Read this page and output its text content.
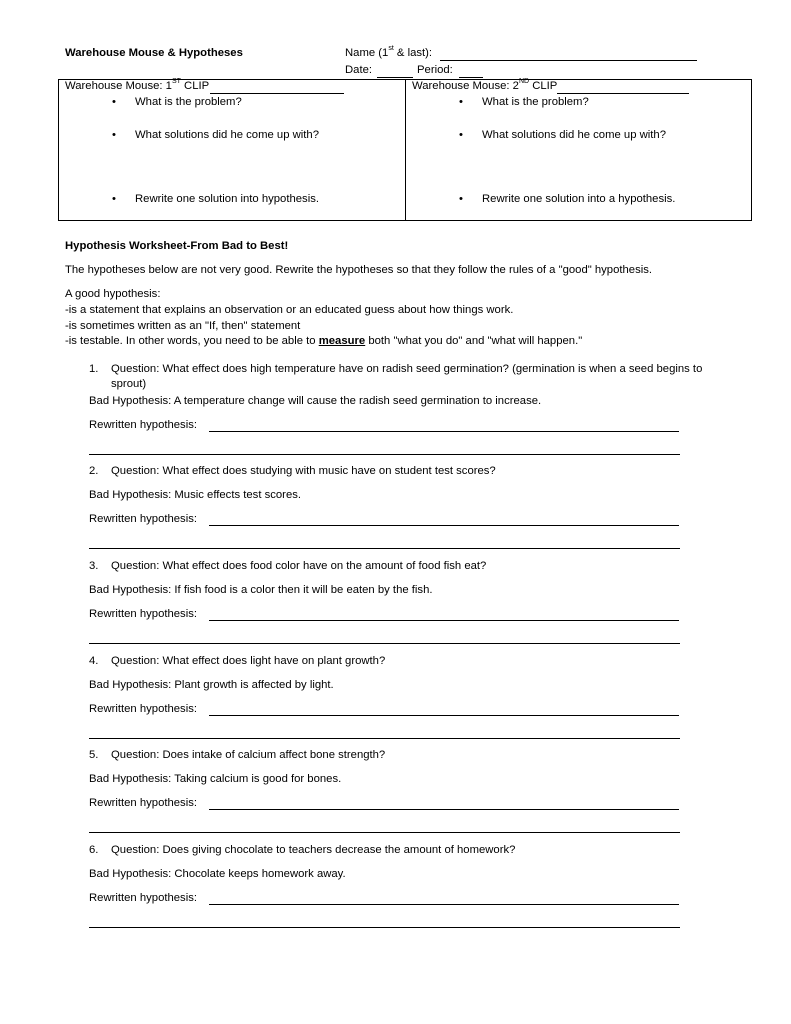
Warehouse Mouse & Hypotheses	Name (1st & last):
Date:	Period:
Warehouse Mouse: 1ST CLIP
• What is the problem?
• What solutions did he come up with?
• Rewrite one solution into hypothesis.
Warehouse Mouse: 2ND CLIP
• What is the problem?
• What solutions did he come up with?
• Rewrite one solution into a hypothesis.
Hypothesis Worksheet-From Bad to Best!
The hypotheses below are not very good. Rewrite the hypotheses so that they follow the rules of a "good" hypothesis.
A good hypothesis:
-is a statement that explains an observation or an educated guess about how things work.
-is sometimes written as an "If, then" statement
-is testable. In other words, you need to be able to measure both "what you do" and "what will happen."
1. Question: What effect does high temperature have on radish seed germination? (germination is when a seed begins to
sprout)
Bad Hypothesis: A temperature change will cause the radish seed germination to increase.
Rewritten hypothesis:
2. Question: What effect does studying with music have on student test scores?
Bad Hypothesis: Music effects test scores.
Rewritten hypothesis:
3. Question: What effect does food color have on the amount of food fish eat?
Bad Hypothesis: If fish food is a color then it will be eaten by the fish.
Rewritten hypothesis:
4. Question: What effect does light have on plant growth?
Bad Hypothesis: Plant growth is affected by light.
Rewritten hypothesis:
5. Question: Does intake of calcium affect bone strength?
Bad Hypothesis: Taking calcium is good for bones.
Rewritten hypothesis:
6. Question: Does giving chocolate to teachers decrease the amount of homework?
Bad Hypothesis: Chocolate keeps homework away.
Rewritten hypothesis:
